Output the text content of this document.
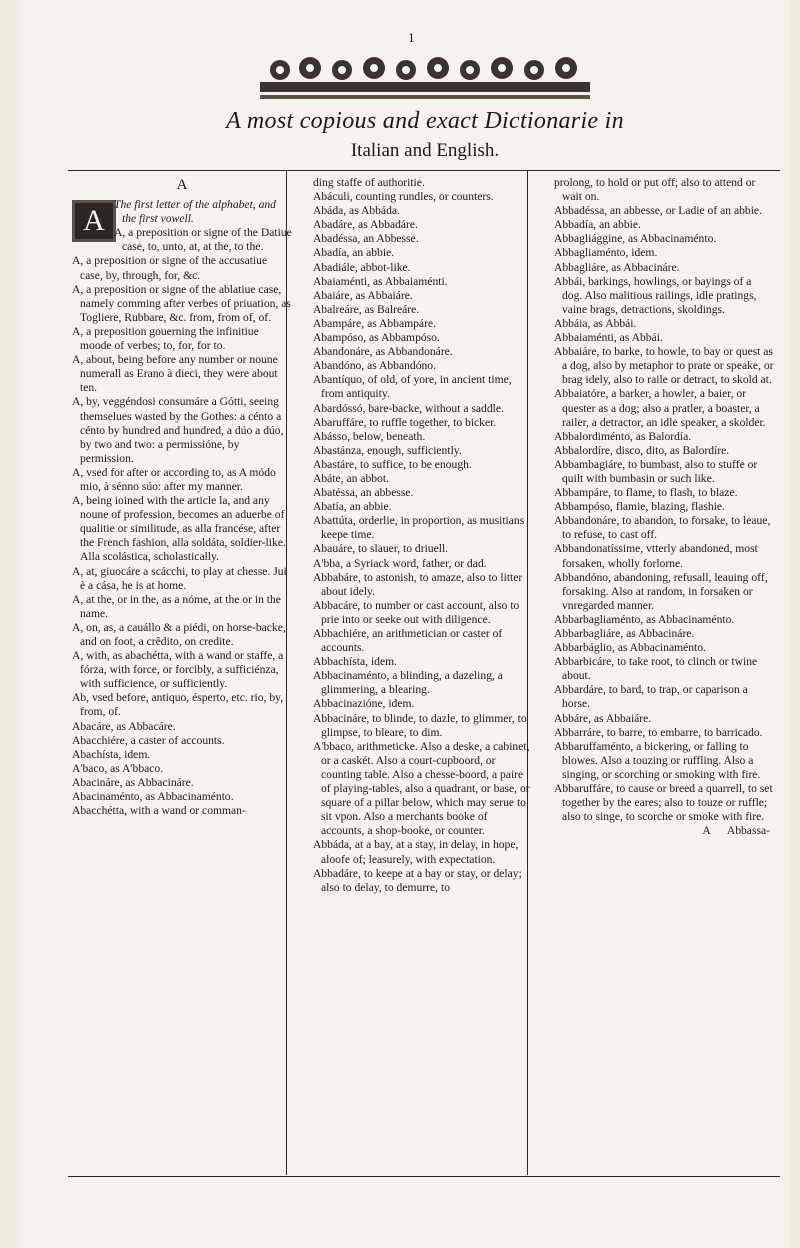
1
A most copious and exact Dictionarie in
Italian and English.
A
A The first letter of the alphabet, and the first vowell.

A, a preposition or signe of the Datiue case, to, unto, at, at the, to the.

A, a preposition or signe of the accusatiue case, by, through, for, &c.

A, a preposition or signe of the ablatiue case, namely comming after verbes of priuation, as Togliere, Rubbare, &c. from, from of, of.

A, a preposition gouerning the infinitiue moode of verbes; to, for, for to.

A, about, being before any number or noune numerall as Erano à dieci, they were about ten.

A, by, veggéndosi consumáre a Gótti, seeing themselues wasted by the Gothes: a cénto a cénto by hundred and hundred, a dúo a dúo, by two and two: a permissióne, by permission.

A, vsed for after or according to, as A módo mio, à sénno súo: after my manner.

A, being ioined with the article la, and any noune of profession, becomes an aduerbe of qualitie or similitude, as alla francése, after the French fashion, alla soldáta, soldier-like. Alla scolástica, scholastically.

A, at, giuocáre a scácchi, to play at chesse. Jui è a cása, he is at home.

A, at the, or in the, as a nóme, at the or in the name.

A, on, as, a cauállo & a piédi, on horse-backe, and on foot, a crêdito, on credite.

A, with, as abachétta, with a wand or staffe, a fórza, with force, or forcibly, a sufficiénza, with sufficience, or sufficiently.

Ab, vsed before, antiquo, ésperto, etc. rio, by, from, of.

Abacáre, as Abbacáre.

Abacchiére, a caster of accounts.

Abachísta, idem.

A'baco, as A'bbaco.

Abacináre, as Abbacináre.

Abacinaménto, as Abbacinaménto.

Abacchétta, with a wand or comman-

ding staffe of authoritie.

Abáculi, counting rundles, or counters.

Abáda, as Abbáda.

Abadáre, as Abbadáre.

Abadéssa, an Abbesse.

Abadía, an abbie.

Abadiále, abbot-like.

Abaiaménti, as Abbaiaménti.

Abaiáre, as Abbaiáre.

Abalreáre, as Balreáre.

Abampáre, as Abbampáre.

Abampóso, as Abbampóso.

Abandonáre, as Abbandonáre.

Abandóno, as Abbandóno.

Abantíquo, of old, of yore, in ancient time, from antiquity.

Abardóssó, bare-backe, without a saddle.

Abaruffáre, to ruffle together, to bicker.

Abásso, below, beneath.

Abastánza, enough, sufficiently.

Abastáre, to suffice, to be enough.

Abáte, an abbot.

Abatéssa, an abbesse.

Abatía, an abbie.

Abattúta, orderlie, in proportion, as musitians keepe time.

Abauáre, to slauer, to driuell.

A'bba, a Syriack word, father, or dad.

Abbabáre, to astonish, to amaze, also to litter about idely.

Abbacáre, to number or cast account, also to prie into or seeke out with diligence.

Abbachiére, an arithmetician or caster of accounts.

Abbachísta, idem.

Abbacinaménto, a blinding, a dazeling, a glimmering, a blearing.

Abbacinazióne, idem.

Abbacináre, to blinde, to dazle, to glimmer, to glimpse, to bleare, to dim.

A'bbaco, arithmeticke. Also a deske, a cabinet, or a caskét. Also a court-cupboord, or counting table. Also a chesse-boord, a paire of playing-tables, also a quadrant, or base, or square of a pillar below, which may serue to sit vpon. Also a merchants booke of accounts, a shop-booke, or counter.

Abbáda, at a bay, at a stay, in delay, in hope, aloofe of; leasurely, with expectation.

Abbadáre, to keepe at a bay or stay, or delay; also to delay, to demurre, to

prolong, to hold or put off; also to attend or wait on.

Abbadéssa, an abbesse, or Ladie of an abbie.

Abbadía, an abbie.

Abbagliággine, as Abbacinaménto.

Abbagliaménto, idem.

Abbagliáre, as Abbacináre.

Abbái, barkings, howlings, or bayings of a dog. Also malitious railings, idle pratings, vaine brags, detractions, skoldings.

Abbáia, as Abbái.

Abbaiaménti, as Abbái.

Abbaiáre, to barke, to howle, to bay or quest as a dog, also by metaphor to prate or speake, or brag idely, also to raile or detract, to skold at.

Abbaiatóre, a barker, a howler, a baier, or quester as a dog; also a pratler, a boaster, a railer, a detractor, an idle speaker, a skolder.

Abbalordiménto, as Balordía.

Abbalordíre, disco, dito, as Balordíre.

Abbambagiáre, to bumbast, also to stuffe or quilt with bumbasin or such like.

Abbampáre, to flame, to flash, to blaze.

Abbampóso, flamie, blazing, flashie.

Abbandonáre, to abandon, to forsake, to leaue, to refuse, to cast off.

Abbandonatíssime, vtterly abandoned, most forsaken, wholly forlorne.

Abbandóno, abandoning, refusall, leauing off, forsaking. Also at random, in forsaken or vnregarded manner.

Abbarbagliaménto, as Abbacinaménto.

Abbarbagliáre, as Abbacináre.

Abbarbáglio, as Abbacinaménto.

Abbarbicáre, to take root, to clinch or twine about.

Abbardáre, to bard, to trap, or caparison a horse.

Abbáre, as Abbaiáre.

Abbarráre, to barre, to embarre, to barricado.

Abbaruffaménto, a bickering, or falling to blowes. Also a touzing or ruffling. Also a singing, or scorching or smoking with fire.

Abbaruffáre, to cause or breed a quarrell, to set together by the eares; also to touze or ruffle; also to singe, to scorche or smoke with fire.

A Abbassa-
